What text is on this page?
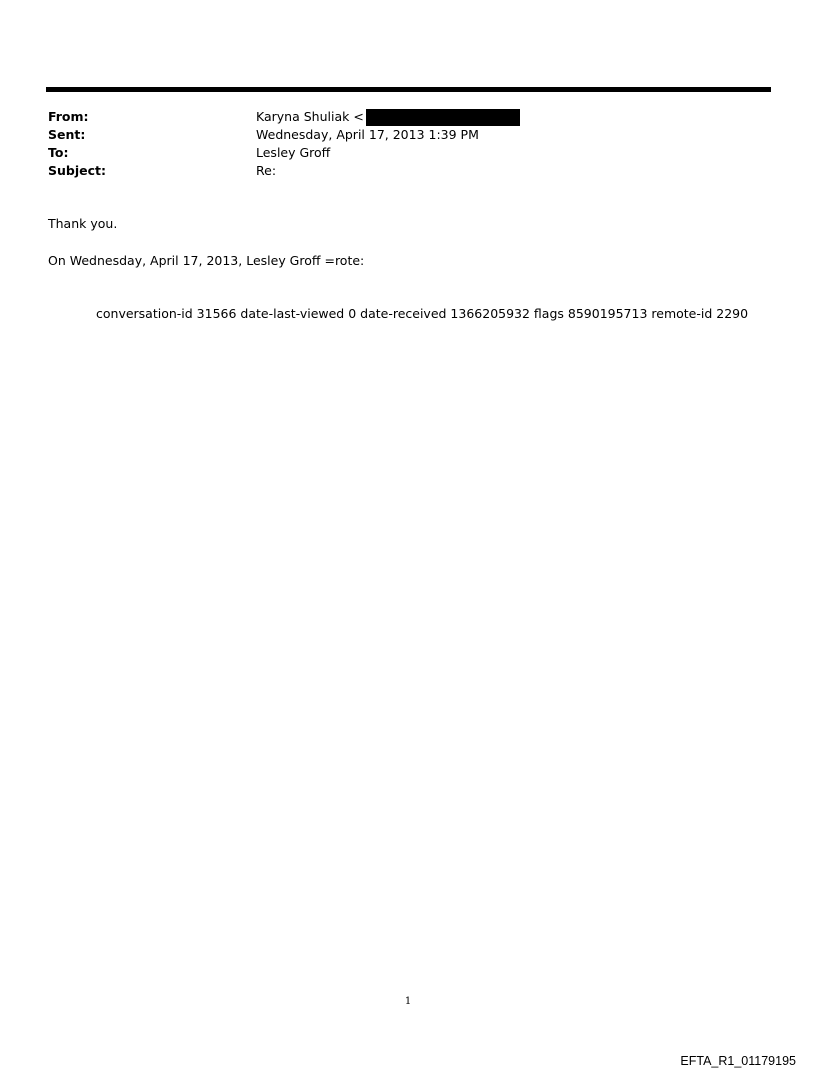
From:	Karyna Shuliak <
Sent:	Wednesday, April 17, 2013 1:39 PM
To:	Lesley Groff
Subject:	Re:
Thank you.
On Wednesday, April 17, 2013, Lesley Groff =rote:
conversation-id 31566 date-last-viewed 0 date-received 1366205932 flags 8590195713 remote-id 2290
1
EFTA_R1_01179195
